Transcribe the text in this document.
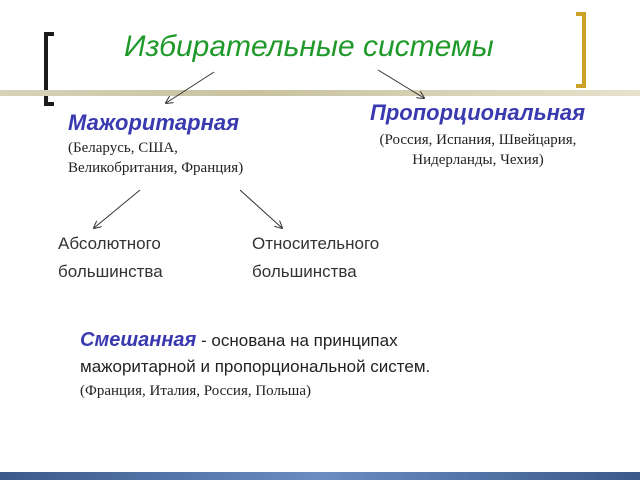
Избирательные системы
Мажоритарная
(Беларусь, США,
Великобритания, Франция)
Пропорциональная
(Россия, Испания, Швейцария,
Нидерланды, Чехия)
Абсолютного
большинства
Относительного
большинства
Смешанная - основана на принципах
мажоритарной и пропорциональной систем.
(Франция, Италия, Россия, Польша)
